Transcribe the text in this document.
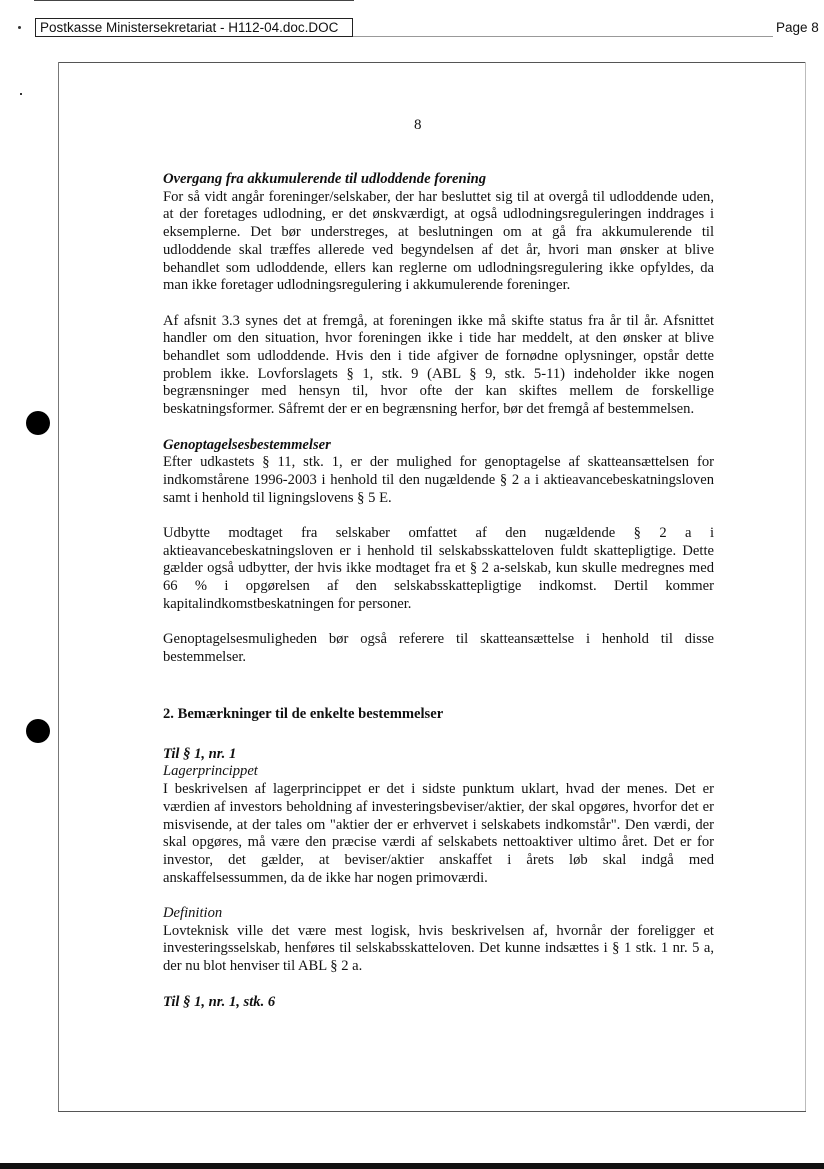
Postkasse Ministersekretariat - H112-04.doc.DOC	Page 8
8

Overgang fra akkumulerende til udloddende forening

For så vidt angår foreninger/selskaber, der har besluttet sig til at overgå til udloddende uden, at der foretages udlodning, er det ønskværdigt, at også udlodningsreguleringen inddrages i eksemplerne. Det bør understreges, at beslutningen om at gå fra akkumulerende til udloddende skal træffes allerede ved begyndelsen af det år, hvori man ønsker at blive behandlet som udloddende, ellers kan reglerne om udlodningsregulering ikke opfyldes, da man ikke foretager udlodningsregulering i akkumulerende foreninger.

Af afsnit 3.3 synes det at fremgå, at foreningen ikke må skifte status fra år til år. Afsnittet handler om den situation, hvor foreningen ikke i tide har meddelt, at den ønsker at blive behandlet som udloddende. Hvis den i tide afgiver de fornødne oplysninger, opstår dette problem ikke. Lovforslagets § 1, stk. 9 (ABL § 9, stk. 5-11) indeholder ikke nogen begrænsninger med hensyn til, hvor ofte der kan skiftes mellem de forskellige beskatningsformer. Såfremt der er en begrænsning herfor, bør det fremgå af bestemmelsen.

Genoptagelsesbestemmelser

Efter udkastets § 11, stk. 1, er der mulighed for genoptagelse af skatteansættelsen for indkomstårene 1996-2003 i henhold til den nugældende § 2 a i aktieavancebeskatningsloven samt i henhold til ligningslovens § 5 E.

Udbytte modtaget fra selskaber omfattet af den nugældende § 2 a i aktieavancebeskatningsloven er i henhold til selskabsskatteloven fuldt skattepligtige. Dette gælder også udbytter, der hvis ikke modtaget fra et § 2 a-selskab, kun skulle medregnes med 66 % i opgørelsen af den selskabsskattepligtige indkomst. Dertil kommer kapitalindkomstbeskatningen for personer.

Genoptagelsesmuligheden bør også referere til skatteansættelse i henhold til disse bestemmelser.

2. Bemærkninger til de enkelte bestemmelser

Til § 1, nr. 1

Lagerprincippet

I beskrivelsen af lagerprincippet er det i sidste punktum uklart, hvad der menes. Det er værdien af investors beholdning af investeringsbeviser/aktier, der skal opgøres, hvorfor det er misvisende, at der tales om "aktier der er erhvervet i selskabets indkomstår". Den værdi, der skal opgøres, må være den præcise værdi af selskabets nettoaktiver ultimo året. Det er for investor, det gælder, at beviser/aktier anskaffet i årets løb skal indgå med anskaffelsessummen, da de ikke har nogen primoværdi.

Definition

Lovteknisk ville det være mest logisk, hvis beskrivelsen af, hvornår der foreligger et investeringsselskab, henføres til selskabsskatteloven. Det kunne indsættes i § 1 stk. 1 nr. 5 a, der nu blot henviser til ABL § 2 a.

Til § 1, nr. 1, stk. 6
